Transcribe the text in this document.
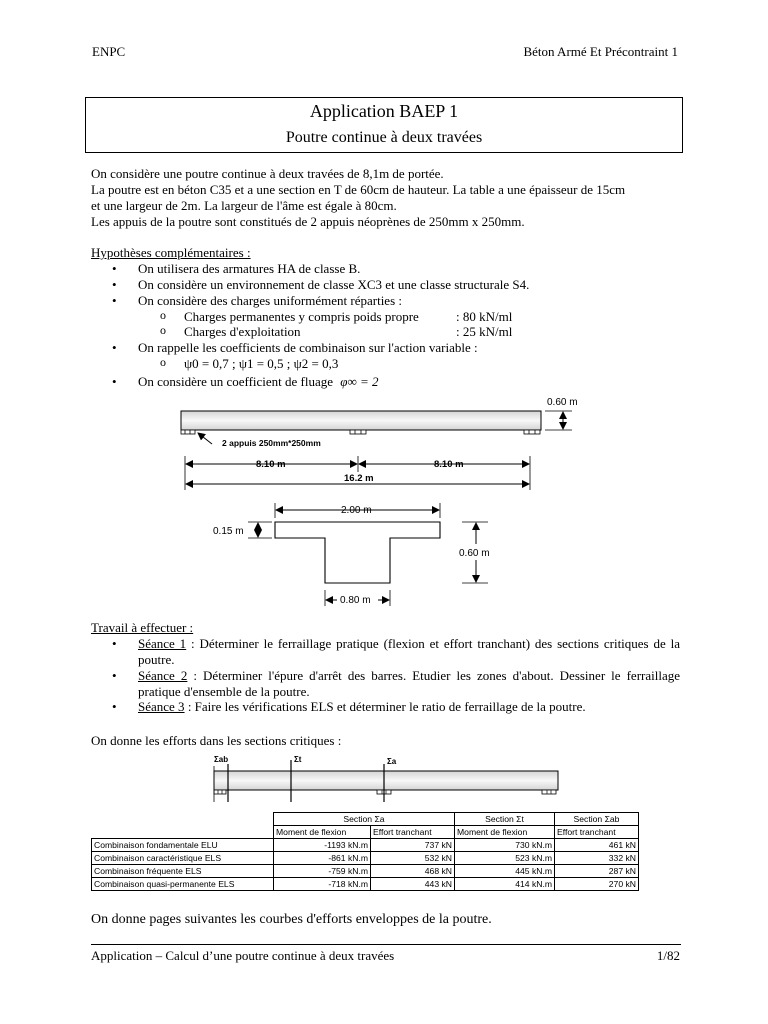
ENPC	Béton Armé Et Précontraint 1
Application BAEP 1
Poutre continue à deux travées
On considère une poutre continue à deux travées de 8,1m de portée.
La poutre est en béton C35 et a une section en T de 60cm de hauteur. La table a une épaisseur de 15cm
et une largeur de 2m. La largeur de l'âme est égale à 80cm.
Les appuis de la poutre sont constitués de 2 appuis néoprènes de 250mm x 250mm.
Hypothèses complémentaires :
• On utilisera des armatures HA de classe B.
• On considère un environnement de classe XC3 et une classe structurale S4.
• On considère des charges uniformément réparties :
o Charges permanentes y compris poids propre	: 80 kN/ml
o Charges d'exploitation	: 25 kN/ml
• On rappelle les coefficients de combinaison sur l'action variable :
o ψ0 = 0,7 ; ψ1 = 0,5 ; ψ2 = 0,3
• On considère un coefficient de fluage φ∞ = 2
2 appuis 250mm*250mm
0.60 m
8.10 m	8.10 m
16.2 m
2.00 m
0.15 m
0.60 m
0.80 m
Travail à effectuer :
• Séance 1 : Déterminer le ferraillage pratique (flexion et effort tranchant) des sections critiques de la poutre.
• Séance 2 : Déterminer l'épure d'arrêt des barres. Etudier les zones d'about. Dessiner le ferraillage pratique d'ensemble de la poutre.
• Séance 3 : Faire les vérifications ELS et déterminer le ratio de ferraillage de la poutre.
On donne les efforts dans les sections critiques :
Σab	Σt	Σa
	Section Σa		Section Σt	Section Σab
	Moment de flexion	Effort tranchant	Moment de flexion	Effort tranchant
Combinaison fondamentale ELU	-1193 kN.m	737 kN	730 kN.m	461 kN
Combinaison caractéristique ELS	-861 kN.m	532 kN	523 kN.m	332 kN
Combinaison fréquente ELS	-759 kN.m	468 kN	445 kN.m	287 kN
Combinaison quasi-permanente ELS	-718 kN.m	443 kN	414 kN.m	270 kN
On donne pages suivantes les courbes d'efforts enveloppes de la poutre.
Application – Calcul d’une poutre continue à deux travées	1/82
